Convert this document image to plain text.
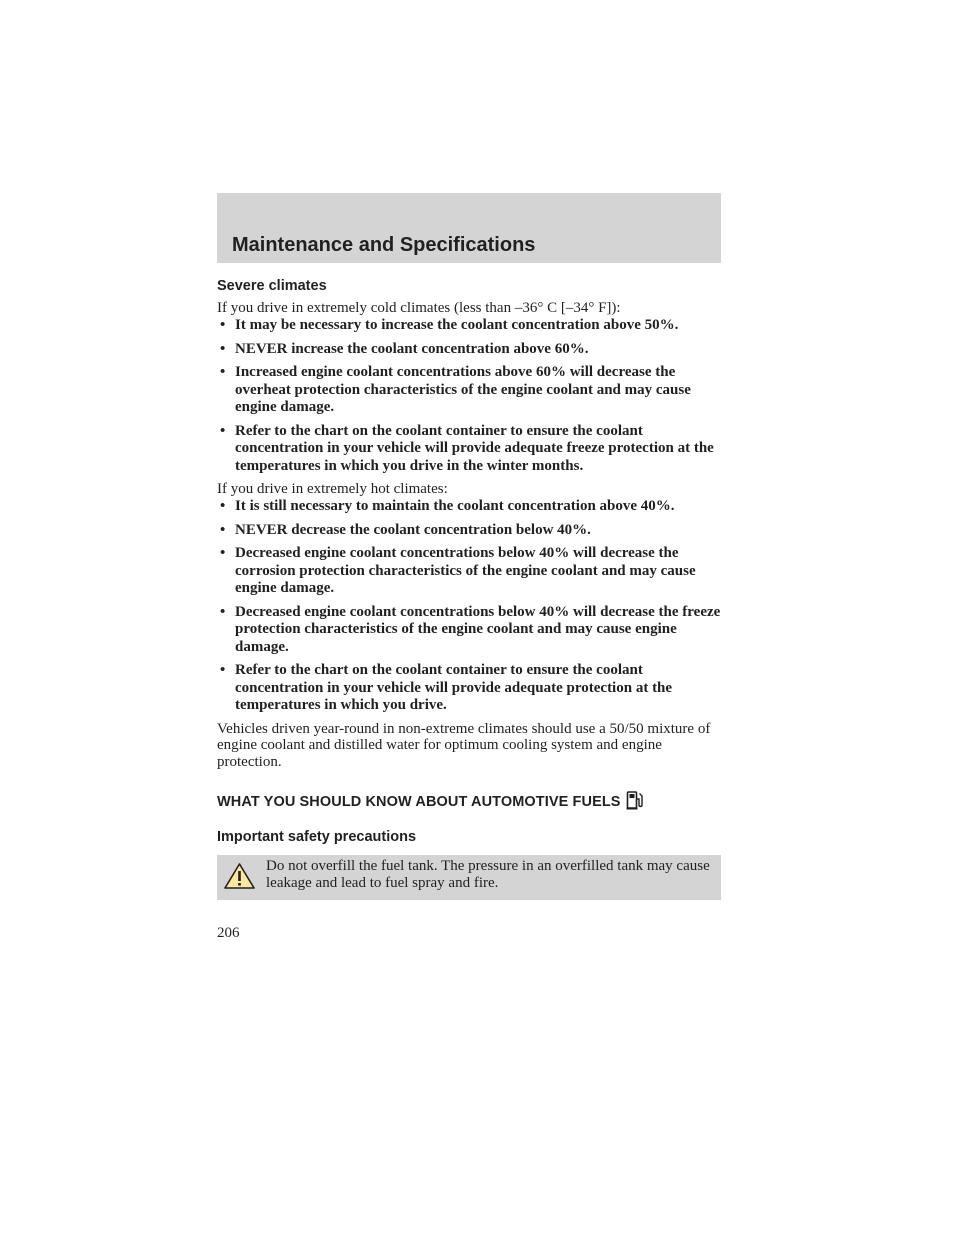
Maintenance and Specifications
Severe climates

If you drive in extremely cold climates (less than –36° C [–34° F]):

• It may be necessary to increase the coolant concentration above 50%.
• NEVER increase the coolant concentration above 60%.
• Increased engine coolant concentrations above 60% will decrease the overheat protection characteristics of the engine coolant and may cause engine damage.
• Refer to the chart on the coolant container to ensure the coolant concentration in your vehicle will provide adequate freeze protection at the temperatures in which you drive in the winter months.

If you drive in extremely hot climates:

• It is still necessary to maintain the coolant concentration above 40%.
• NEVER decrease the coolant concentration below 40%.
• Decreased engine coolant concentrations below 40% will decrease the corrosion protection characteristics of the engine coolant and may cause engine damage.
• Decreased engine coolant concentrations below 40% will decrease the freeze protection characteristics of the engine coolant and may cause engine damage.
• Refer to the chart on the coolant container to ensure the coolant concentration in your vehicle will provide adequate protection at the temperatures in which you drive.

Vehicles driven year-round in non-extreme climates should use a 50/50 mixture of engine coolant and distilled water for optimum cooling system and engine protection.

WHAT YOU SHOULD KNOW ABOUT AUTOMOTIVE FUELS
Important safety precautions

Do not overfill the fuel tank. The pressure in an overfilled tank may cause leakage and lead to fuel spray and fire.

206
